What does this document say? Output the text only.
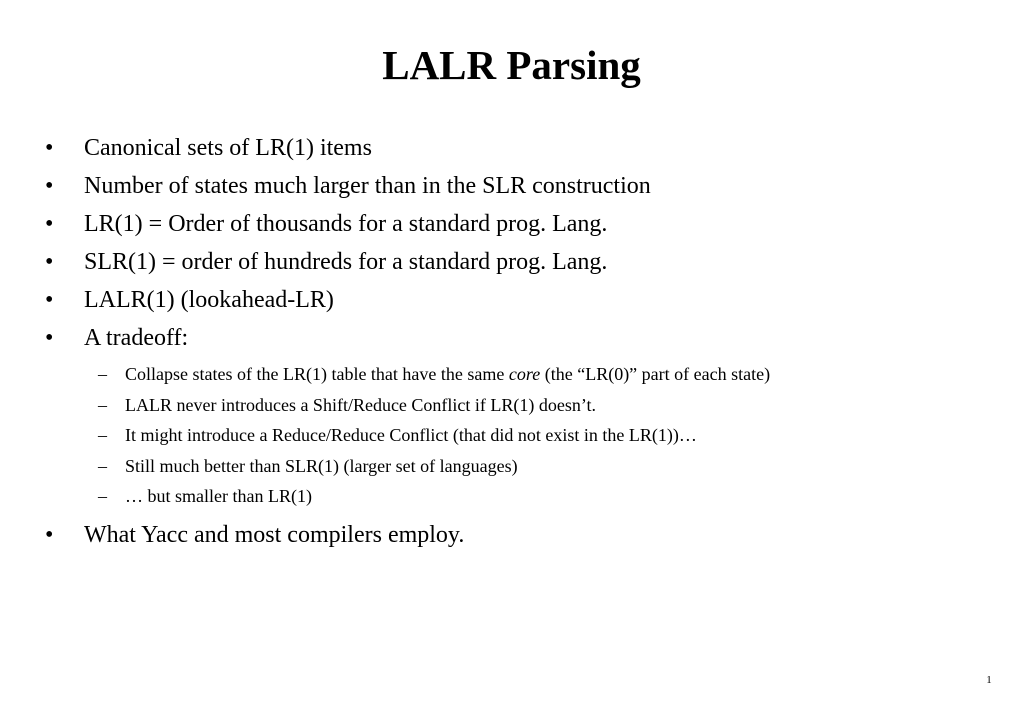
LALR Parsing
• Canonical sets of LR(1) items
• Number of states much larger than in the SLR construction
• LR(1) = Order of thousands for a standard prog. Lang.
• SLR(1) = order of hundreds for a standard prog. Lang.
• LALR(1) (lookahead-LR)
• A tradeoff:
– Collapse states of the LR(1) table that have the same core (the “LR(0)” part of each state)
– LALR never introduces a Shift/Reduce Conflict if LR(1) doesn’t.
– It might introduce a Reduce/Reduce Conflict (that did not exist in the LR(1))…
– Still much better than SLR(1) (larger set of languages)
– … but smaller than LR(1)
• What Yacc and most compilers employ.
1
